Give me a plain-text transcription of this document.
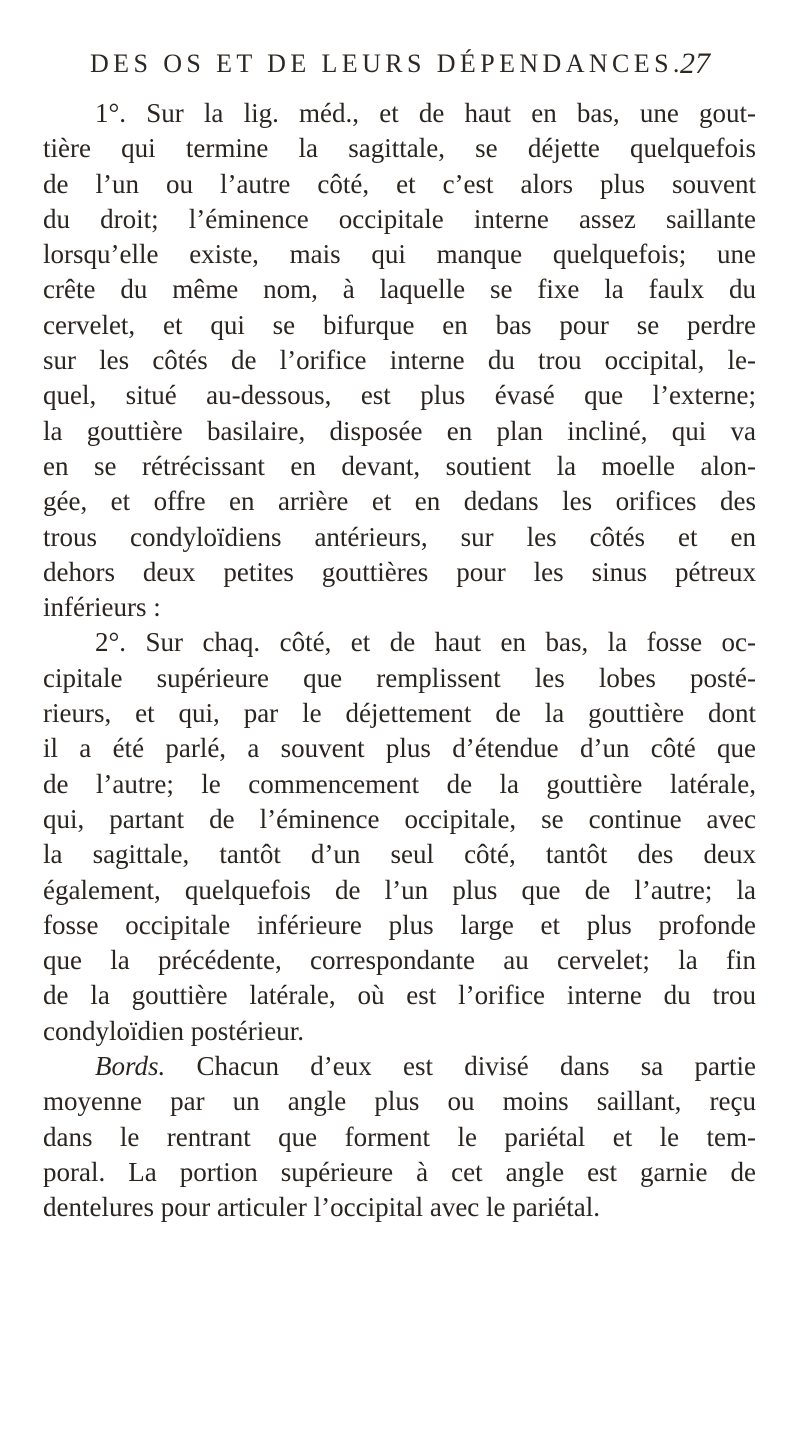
DES OS ET DE LEURS DÉPENDANCES.
27
1°. Sur la lig. méd., et de haut en bas, une gout-
tière qui termine la sagittale, se déjette quelquefois
de l’un ou l’autre côté, et c’est alors plus souvent
du droit; l’éminence occipitale interne assez saillante
lorsqu’elle existe, mais qui manque quelquefois; une
crête du même nom, à laquelle se fixe la faulx du
cervelet, et qui se bifurque en bas pour se perdre
sur les côtés de l’orifice interne du trou occipital, le-
quel, situé au-dessous, est plus évasé que l’externe;
la gouttière basilaire, disposée en plan incliné, qui va
en se rétrécissant en devant, soutient la moelle alon-
gée, et offre en arrière et en dedans les orifices des
trous condyloïdiens antérieurs, sur les côtés et en
dehors deux petites gouttières pour les sinus pétreux
inférieurs :
2°. Sur chaq. côté, et de haut en bas, la fosse oc-
cipitale supérieure que remplissent les lobes posté-
rieurs, et qui, par le déjettement de la gouttière dont
il a été parlé, a souvent plus d’étendue d’un côté que
de l’autre; le commencement de la gouttière latérale,
qui, partant de l’éminence occipitale, se continue avec
la sagittale, tantôt d’un seul côté, tantôt des deux
également, quelquefois de l’un plus que de l’autre; la
fosse occipitale inférieure plus large et plus profonde
que la précédente, correspondante au cervelet; la fin
de la gouttière latérale, où est l’orifice interne du trou
condyloïdien postérieur.
Bords. Chacun d’eux est divisé dans sa partie
moyenne par un angle plus ou moins saillant, reçu
dans le rentrant que forment le pariétal et le tem-
poral. La portion supérieure à cet angle est garnie de
dentelures pour articuler l’occipital avec le pariétal.
